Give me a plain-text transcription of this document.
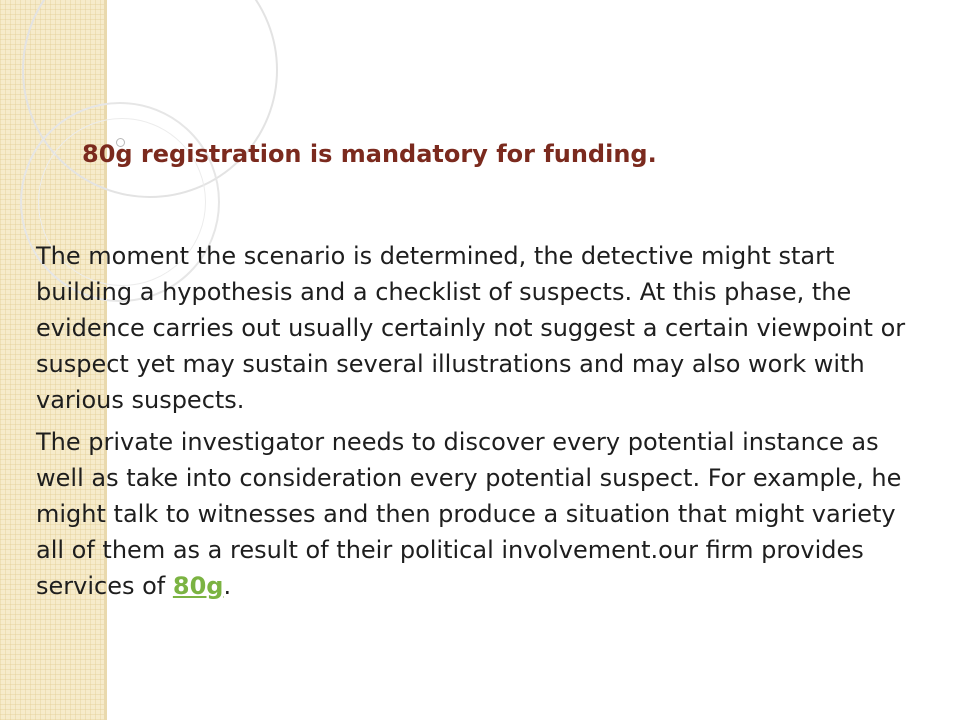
80g registration is mandatory for funding.

The moment the scenario is determined, the detective might start building a hypothesis and a checklist of suspects. At this phase, the evidence carries out usually certainly not suggest a certain viewpoint or suspect yet may sustain several illustrations and may also work with various suspects.

The private investigator needs to discover every potential instance as well as take into consideration every potential suspect. For example, he might talk to witnesses and then produce a situation that might variety all of them as a result of their political involvement.our firm provides services of 80g.
